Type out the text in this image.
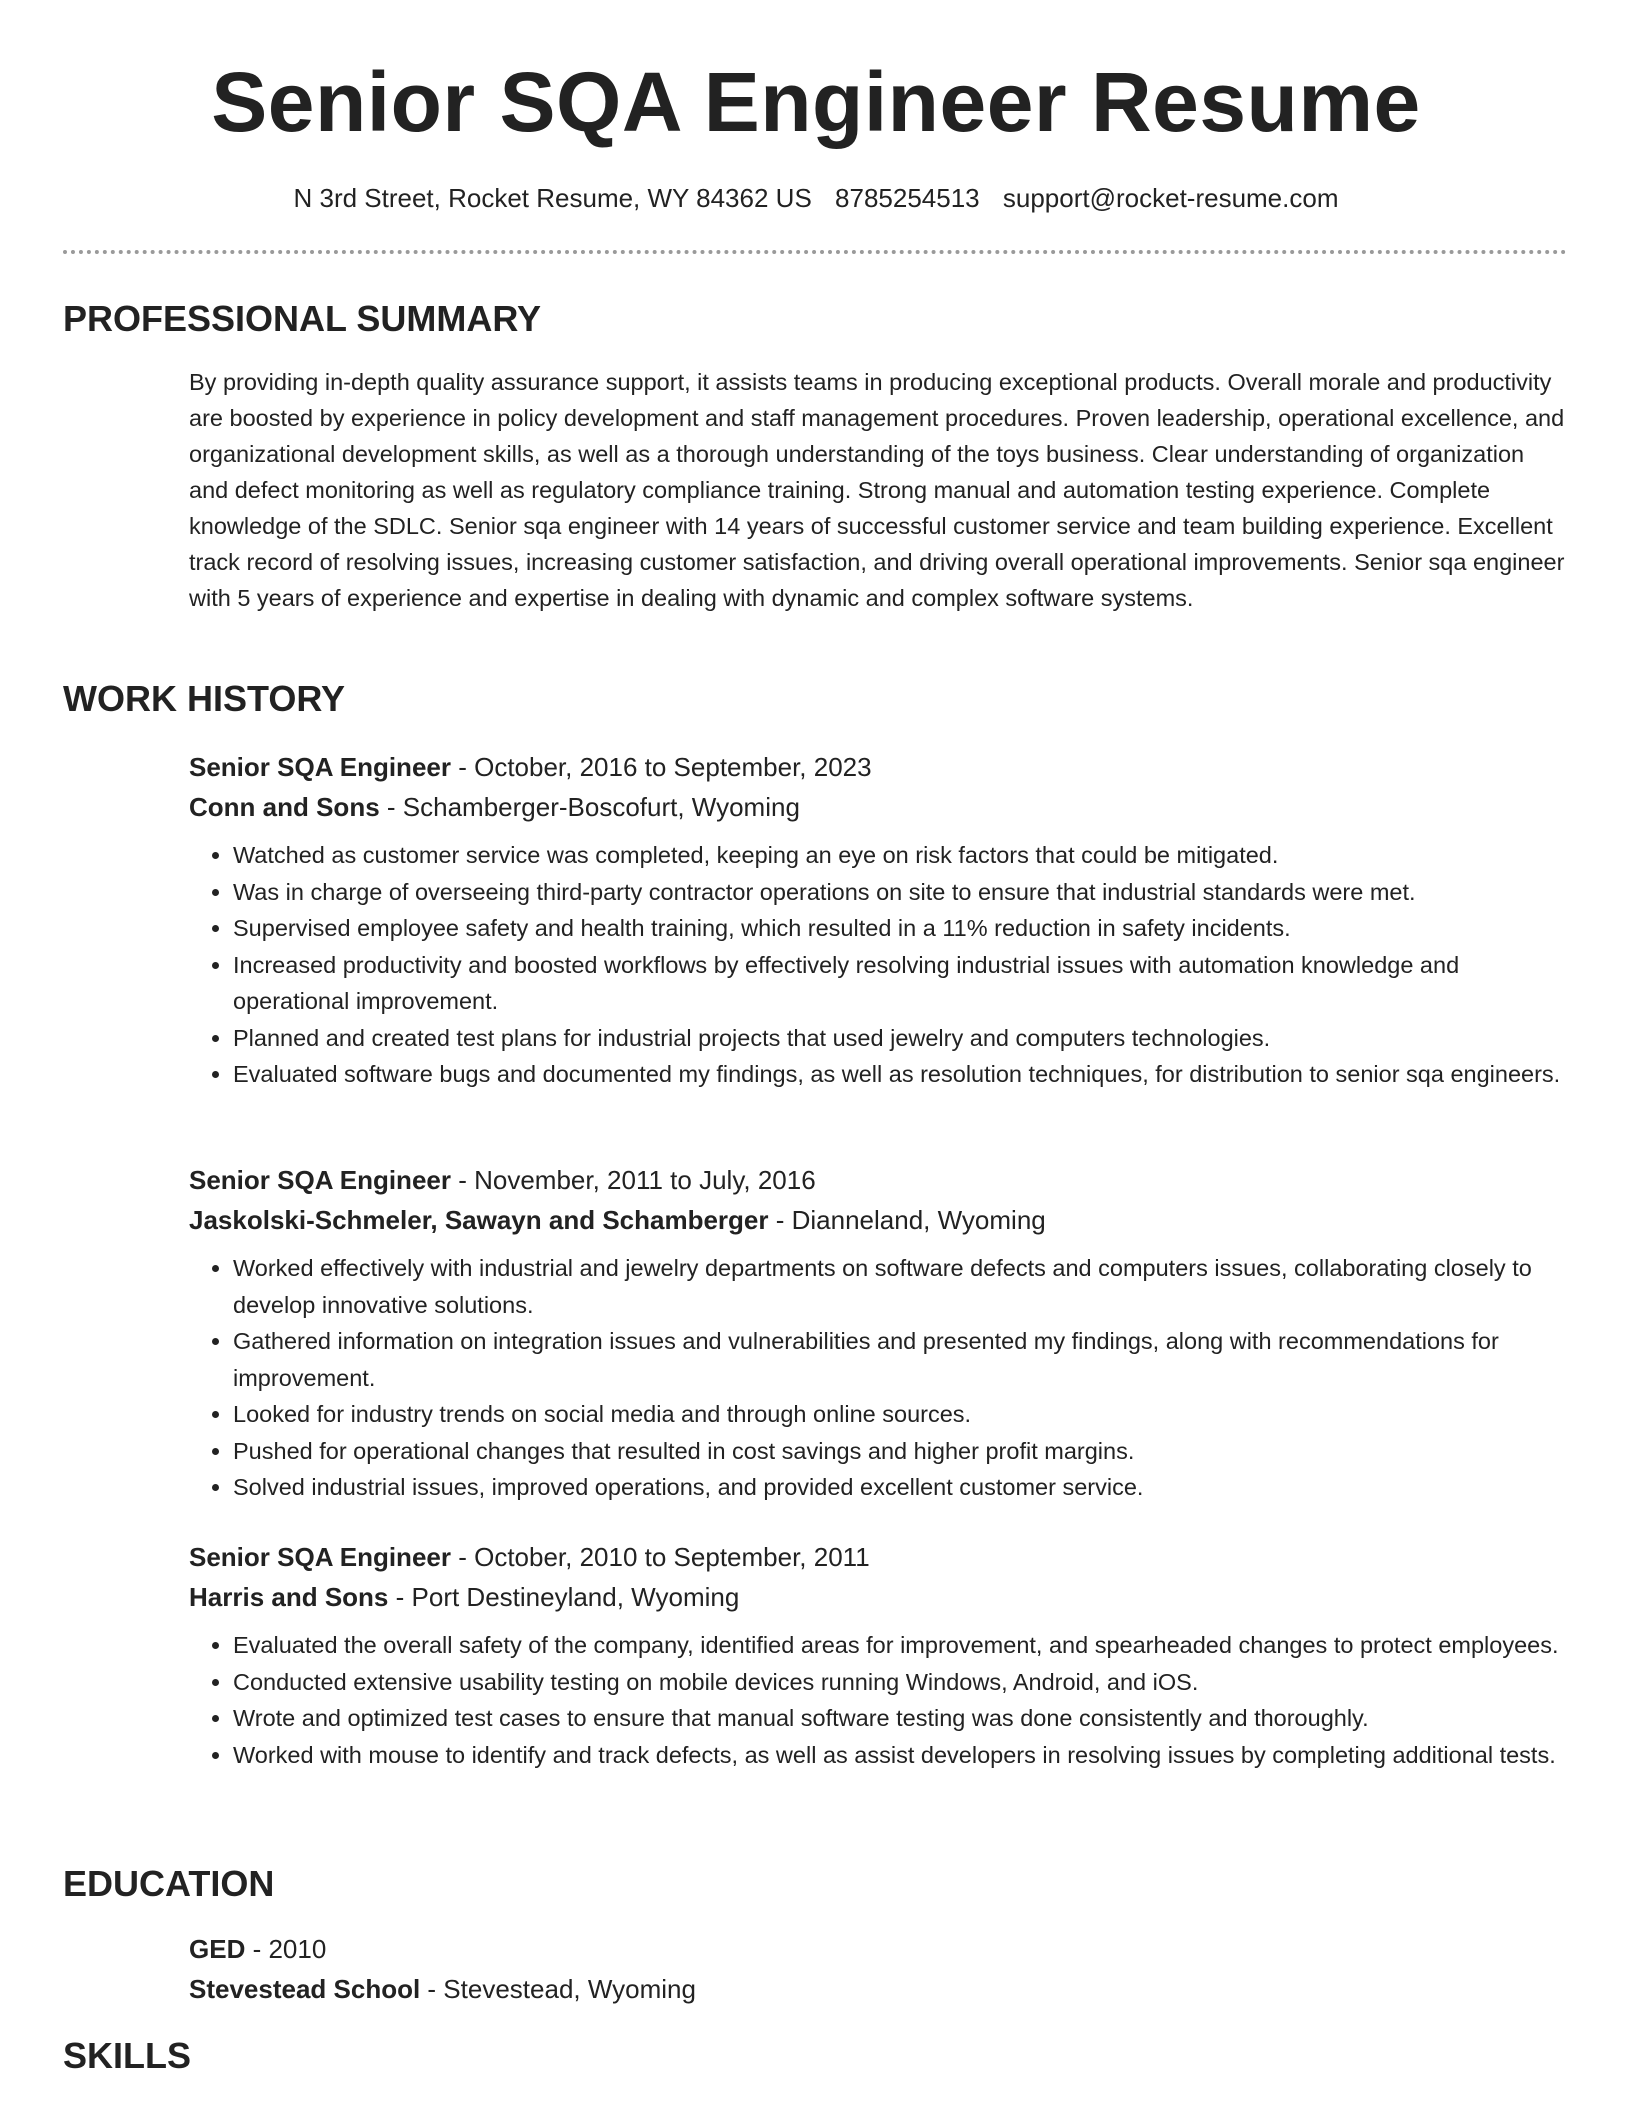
Senior SQA Engineer Resume
N 3rd Street, Rocket Resume, WY 84362 US 8785254513 support@rocket-resume.com
PROFESSIONAL SUMMARY

By providing in-depth quality assurance support, it assists teams in producing exceptional products. Overall morale and productivity are boosted by experience in policy development and staff management procedures. Proven leadership, operational excellence, and organizational development skills, as well as a thorough understanding of the toys business. Clear understanding of organization and defect monitoring as well as regulatory compliance training. Strong manual and automation testing experience. Complete knowledge of the SDLC. Senior sqa engineer with 14 years of successful customer service and team building experience. Excellent track record of resolving issues, increasing customer satisfaction, and driving overall operational improvements. Senior sqa engineer with 5 years of experience and expertise in dealing with dynamic and complex software systems.

WORK HISTORY
Senior SQA Engineer - October, 2016 to September, 2023
Conn and Sons - Schamberger-Boscofurt, Wyoming
• Watched as customer service was completed, keeping an eye on risk factors that could be mitigated.
• Was in charge of overseeing third-party contractor operations on site to ensure that industrial standards were met.
• Supervised employee safety and health training, which resulted in a 11% reduction in safety incidents.
• Increased productivity and boosted workflows by effectively resolving industrial issues with automation knowledge and operational improvement.
• Planned and created test plans for industrial projects that used jewelry and computers technologies.
• Evaluated software bugs and documented my findings, as well as resolution techniques, for distribution to senior sqa engineers.
Senior SQA Engineer - November, 2011 to July, 2016
Jaskolski-Schmeler, Sawayn and Schamberger - Dianneland, Wyoming
• Worked effectively with industrial and jewelry departments on software defects and computers issues, collaborating closely to develop innovative solutions.
• Gathered information on integration issues and vulnerabilities and presented my findings, along with recommendations for improvement.
• Looked for industry trends on social media and through online sources.
• Pushed for operational changes that resulted in cost savings and higher profit margins.
• Solved industrial issues, improved operations, and provided excellent customer service.
Senior SQA Engineer - October, 2010 to September, 2011
Harris and Sons - Port Destineyland, Wyoming
• Evaluated the overall safety of the company, identified areas for improvement, and spearheaded changes to protect employees.
• Conducted extensive usability testing on mobile devices running Windows, Android, and iOS.
• Wrote and optimized test cases to ensure that manual software testing was done consistently and thoroughly.
• Worked with mouse to identify and track defects, as well as assist developers in resolving issues by completing additional tests.
EDUCATION
GED - 2010
Stevestead School - Stevestead, Wyoming
SKILLS
